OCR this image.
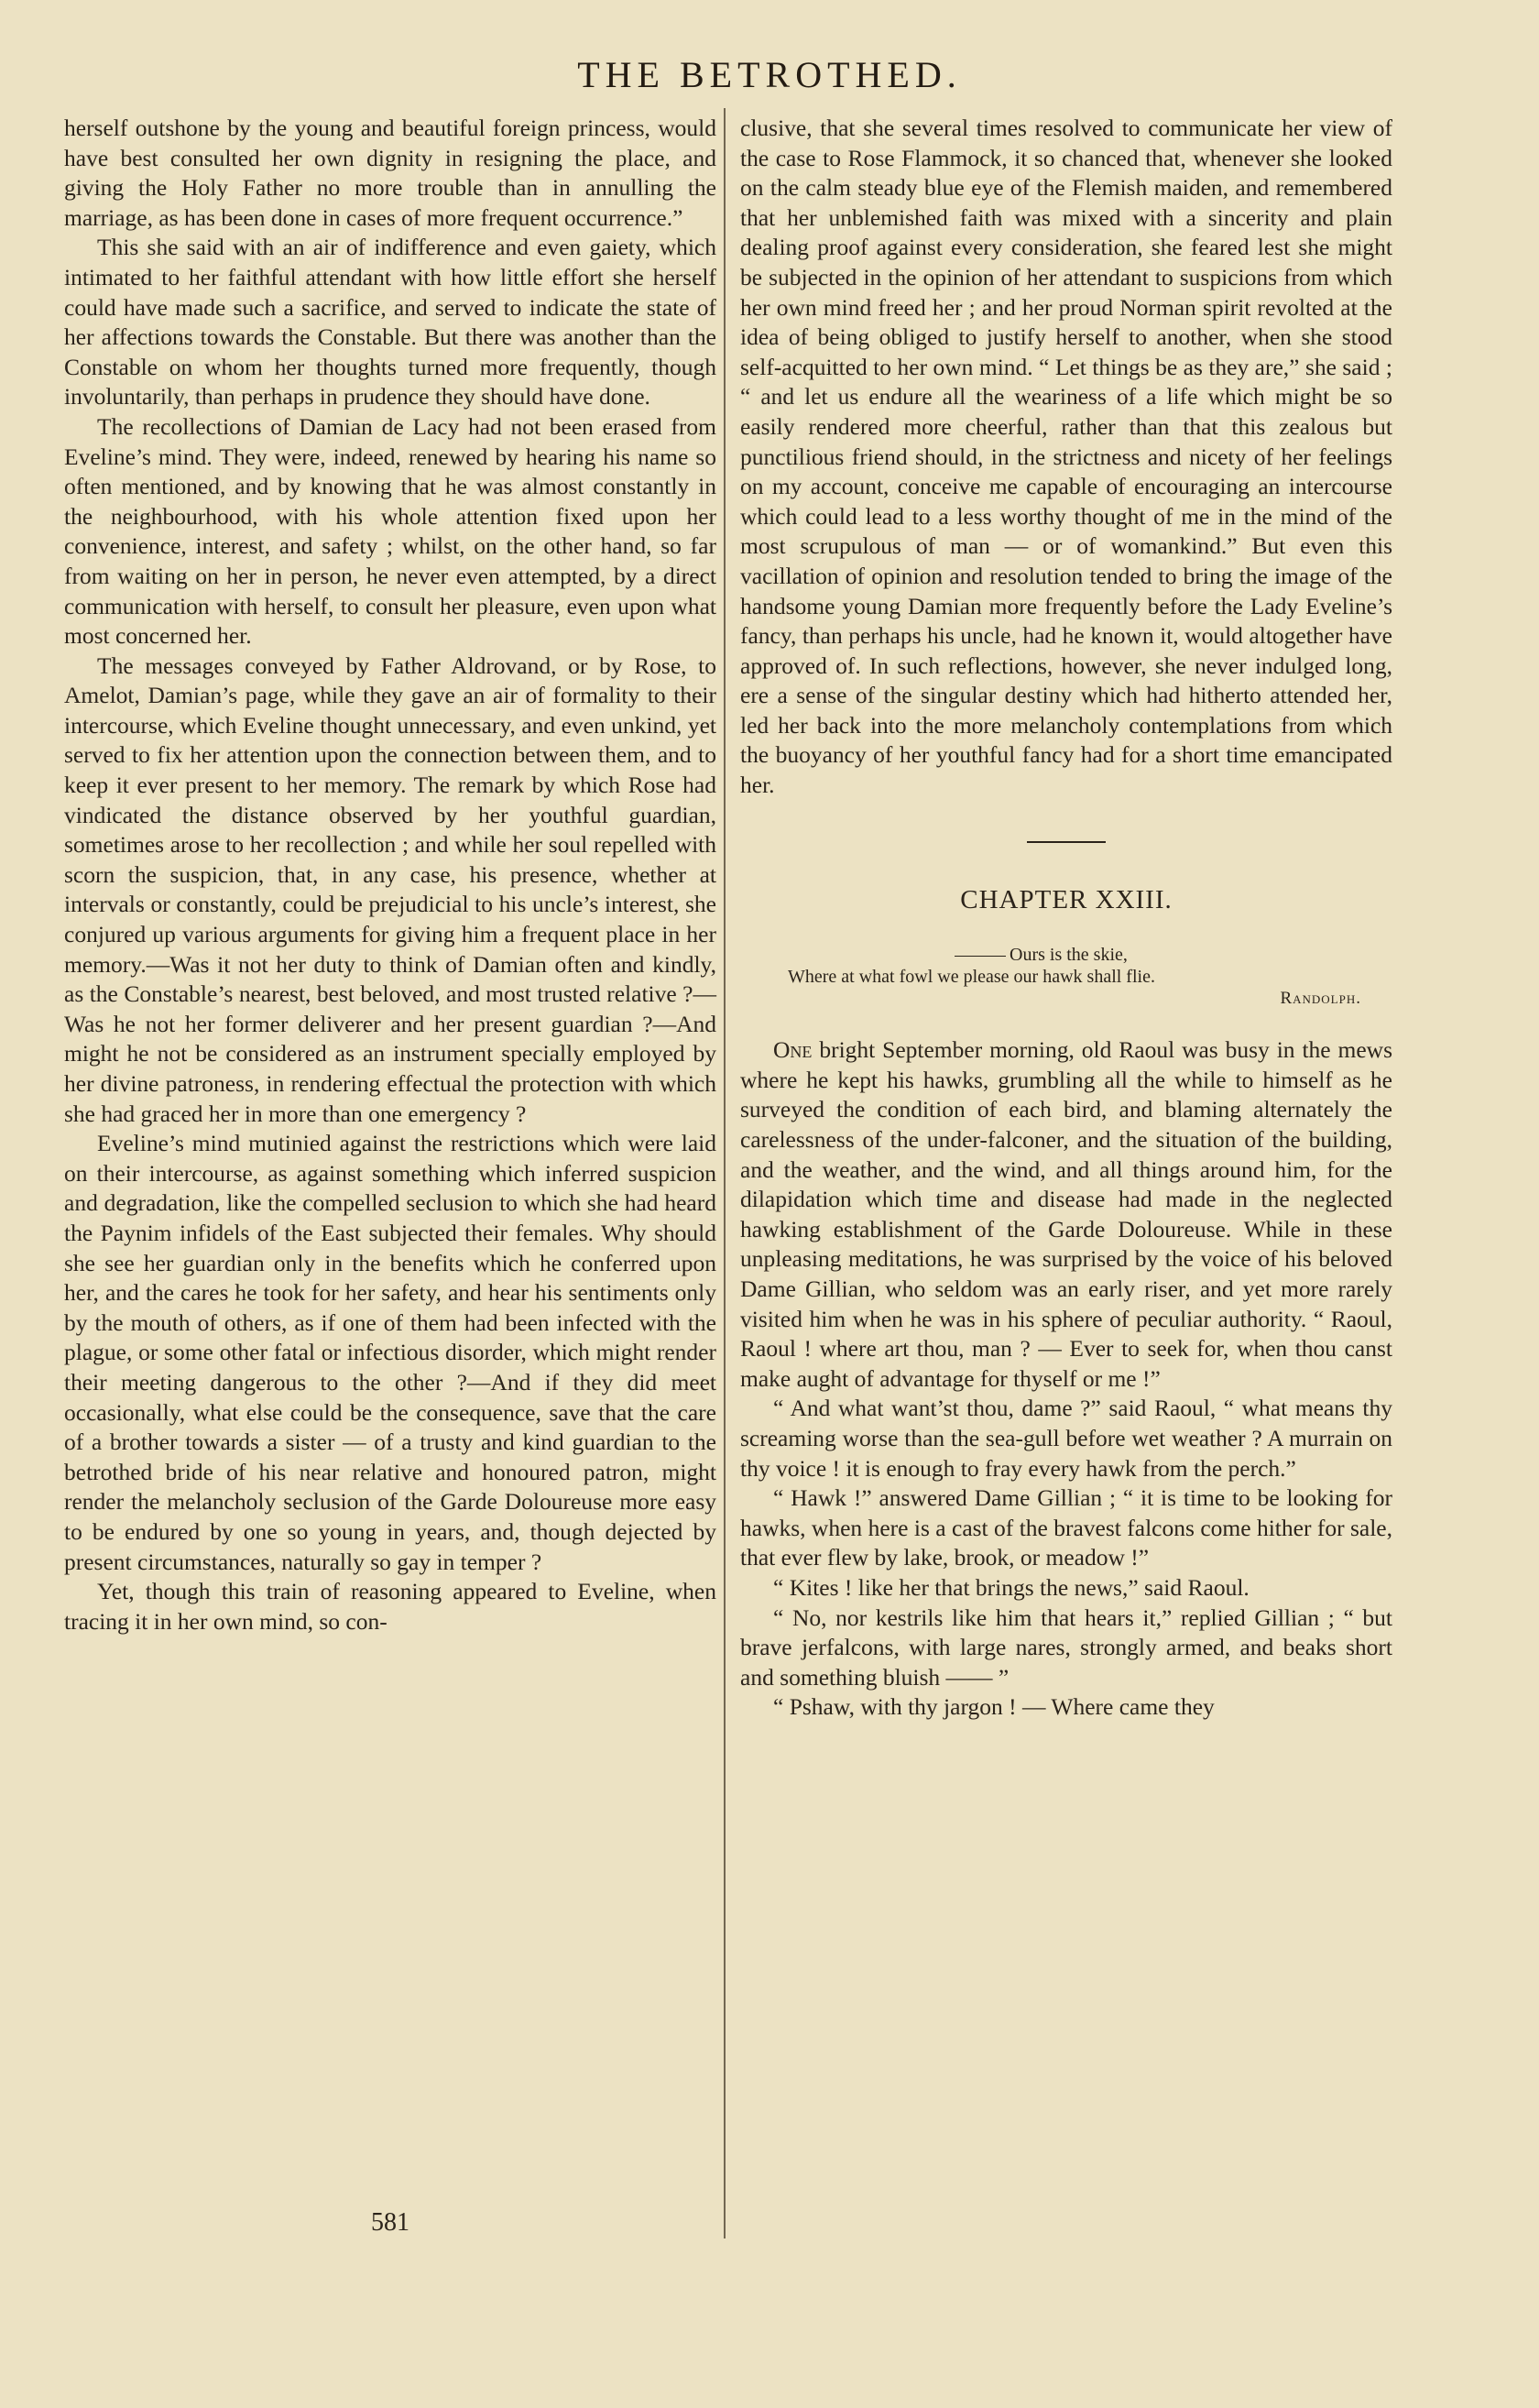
THE BETROTHED.

herself outshone by the young and beautiful foreign princess, would have best consulted her own dignity in resigning the place, and giving the Holy Father no more trouble than in annulling the marriage, as has been done in cases of more frequent occurrence.”

This she said with an air of indifference and even gaiety, which intimated to her faithful attendant with how little effort she herself could have made such a sacrifice, and served to indicate the state of her affections towards the Constable. But there was another than the Constable on whom her thoughts turned more frequently, though involuntarily, than perhaps in prudence they should have done.

The recollections of Damian de Lacy had not been erased from Eveline’s mind. They were, indeed, renewed by hearing his name so often mentioned, and by knowing that he was almost constantly in the neighbourhood, with his whole attention fixed upon her convenience, interest, and safety ; whilst, on the other hand, so far from waiting on her in person, he never even attempted, by a direct communication with herself, to consult her pleasure, even upon what most concerned her.

The messages conveyed by Father Aldrovand, or by Rose, to Amelot, Damian’s page, while they gave an air of formality to their intercourse, which Eveline thought unnecessary, and even unkind, yet served to fix her attention upon the connection between them, and to keep it ever present to her memory. The remark by which Rose had vindicated the distance observed by her youthful guardian, sometimes arose to her recollection ; and while her soul repelled with scorn the suspicion, that, in any case, his presence, whether at intervals or constantly, could be prejudicial to his uncle’s interest, she conjured up various arguments for giving him a frequent place in her memory.—Was it not her duty to think of Damian often and kindly, as the Constable’s nearest, best beloved, and most trusted relative ?—Was he not her former deliverer and her present guardian ?—And might he not be considered as an instrument specially employed by her divine patroness, in rendering effectual the protection with which she had graced her in more than one emergency ?

Eveline’s mind mutinied against the restrictions which were laid on their intercourse, as against something which inferred suspicion and degradation, like the compelled seclusion to which she had heard the Paynim infidels of the East subjected their females. Why should she see her guardian only in the benefits which he conferred upon her, and the cares he took for her safety, and hear his sentiments only by the mouth of others, as if one of them had been infected with the plague, or some other fatal or infectious disorder, which might render their meeting dangerous to the other ?—And if they did meet occasionally, what else could be the consequence, save that the care of a brother towards a sister — of a trusty and kind guardian to the betrothed bride of his near relative and honoured patron, might render the melancholy seclusion of the Garde Doloureuse more easy to be endured by one so young in years, and, though dejected by present circumstances, naturally so gay in temper ?

Yet, though this train of reasoning appeared to Eveline, when tracing it in her own mind, so con-

581

clusive, that she several times resolved to communicate her view of the case to Rose Flammock, it so chanced that, whenever she looked on the calm steady blue eye of the Flemish maiden, and remembered that her unblemished faith was mixed with a sincerity and plain dealing proof against every consideration, she feared lest she might be subjected in the opinion of her attendant to suspicions from which her own mind freed her ; and her proud Norman spirit revolted at the idea of being obliged to justify herself to another, when she stood self-acquitted to her own mind. “ Let things be as they are,” she said ; “ and let us endure all the weariness of a life which might be so easily rendered more cheerful, rather than that this zealous but punctilious friend should, in the strictness and nicety of her feelings on my account, conceive me capable of encouraging an intercourse which could lead to a less worthy thought of me in the mind of the most scrupulous of man — or of womankind.” But even this vacillation of opinion and resolution tended to bring the image of the handsome young Damian more frequently before the Lady Eveline’s fancy, than perhaps his uncle, had he known it, would altogether have approved of. In such reflections, however, she never indulged long, ere a sense of the singular destiny which had hitherto attended her, led her back into the more melancholy contemplations from which the buoyancy of her youthful fancy had for a short time emancipated her.

CHAPTER XXIII.
Ours is the skie,
Where at what fowl we please our hawk shall flie.
Randolph.

One bright September morning, old Raoul was busy in the mews where he kept his hawks, grumbling all the while to himself as he surveyed the condition of each bird, and blaming alternately the carelessness of the under-falconer, and the situation of the building, and the weather, and the wind, and all things around him, for the dilapidation which time and disease had made in the neglected hawking establishment of the Garde Doloureuse. While in these unpleasing meditations, he was surprised by the voice of his beloved Dame Gillian, who seldom was an early riser, and yet more rarely visited him when he was in his sphere of peculiar authority. “ Raoul, Raoul ! where art thou, man ? — Ever to seek for, when thou canst make aught of advantage for thyself or me !”

“ And what want’st thou, dame ?” said Raoul, “ what means thy screaming worse than the sea-gull before wet weather ? A murrain on thy voice ! it is enough to fray every hawk from the perch.”

“ Hawk !” answered Dame Gillian ; “ it is time to be looking for hawks, when here is a cast of the bravest falcons come hither for sale, that ever flew by lake, brook, or meadow !”

“ Kites ! like her that brings the news,” said Raoul.

“ No, nor kestrils like him that hears it,” replied Gillian ; “ but brave jerfalcons, with large nares, strongly armed, and beaks short and something bluish —— ”

“ Pshaw, with thy jargon ! — Where came they
